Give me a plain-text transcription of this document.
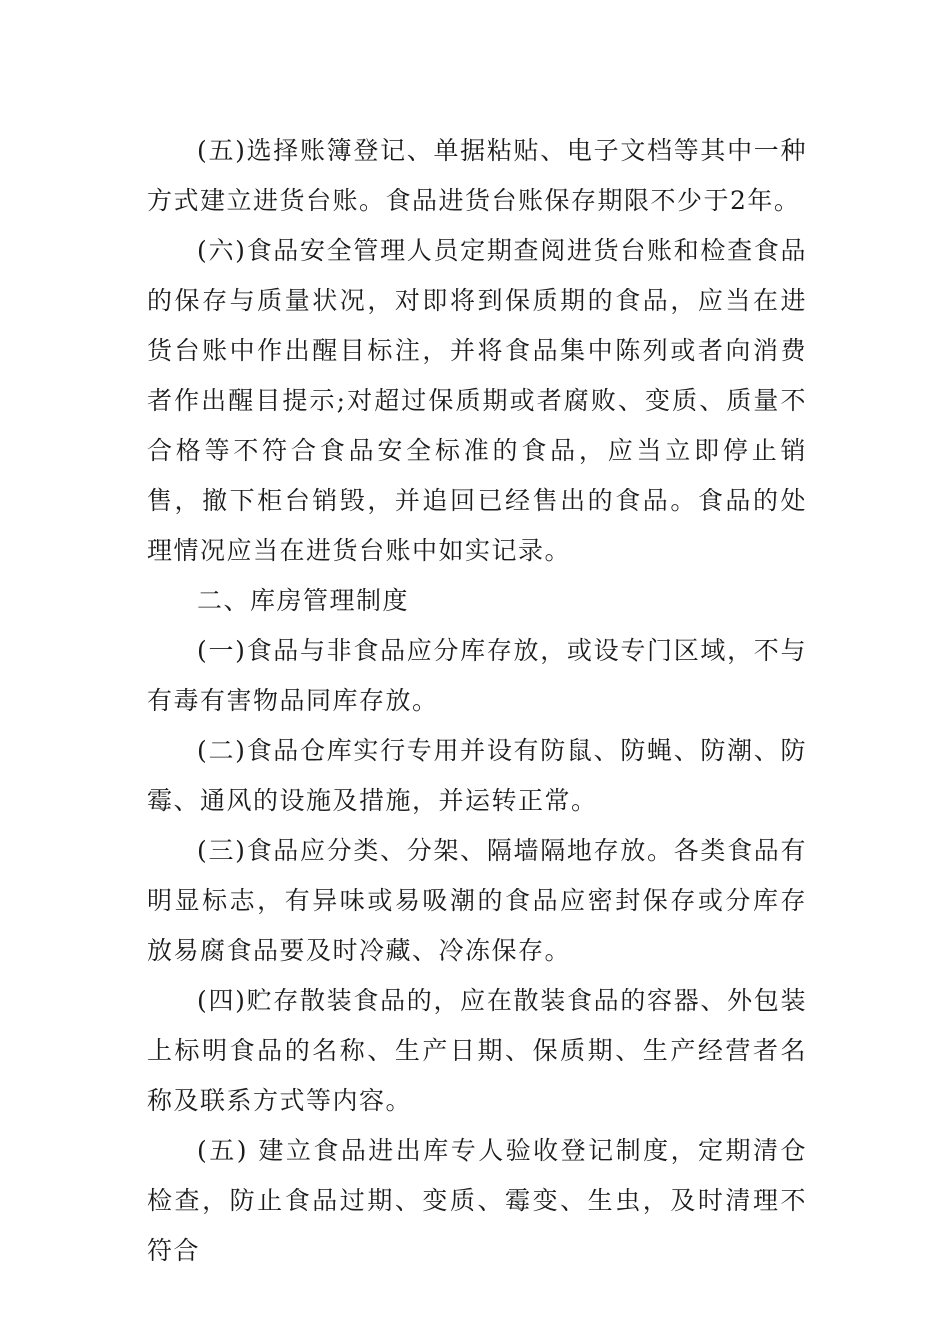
(五)选择账簿登记、单据粘贴、电子文档等其中一种方式建立进货台账。食品进货台账保存期限不少于2年。

(六)食品安全管理人员定期查阅进货台账和检查食品的保存与质量状况，对即将到保质期的食品，应当在进货台账中作出醒目标注，并将食品集中陈列或者向消费者作出醒目提示;对超过保质期或者腐败、变质、质量不合格等不符合食品安全标准的食品，应当立即停止销售，撤下柜台销毁，并追回已经售出的食品。食品的处理情况应当在进货台账中如实记录。

二、库房管理制度

(一)食品与非食品应分库存放，或设专门区域，不与有毒有害物品同库存放。

(二)食品仓库实行专用并设有防鼠、防蝇、防潮、防霉、通风的设施及措施，并运转正常。

(三)食品应分类、分架、隔墙隔地存放。各类食品有明显标志，有异味或易吸潮的食品应密封保存或分库存放易腐食品要及时冷藏、冷冻保存。

(四)贮存散装食品的，应在散装食品的容器、外包装上标明食品的名称、生产日期、保质期、生产经营者名称及联系方式等内容。

(五) 建立食品进出库专人验收登记制度，定期清仓检查，防止食品过期、变质、霉变、生虫，及时清理不符合
